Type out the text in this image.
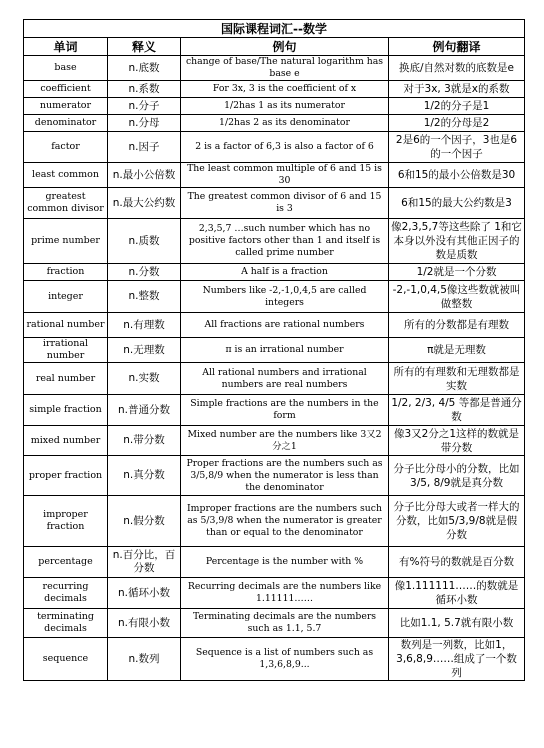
国际课程词汇--数学			
单词	释义	例句	例句翻译
base	n.底数	change of base/The natural logarithm has base e	换底/自然对数的底数是e
coefficient	n.系数	For 3x, 3 is the coefficient of x	对于3x, 3就是x的系数
numerator	n.分子	1/2has 1 as its numerator	1/2的分子是1
denominator	n.分母	1/2has 2 as its denominator	1/2的分母是2
factor	n.因子	2 is a factor of 6,3 is also a factor of 6	2是6的一个因子，3也是6的一个因子
least common	n.最小公倍数	The least common multiple of 6 and 15 is 30	6和15的最小公倍数是30
greatest common divisor	n.最大公约数	The greatest common divisor of 6 and 15 is 3	6和15的最大公约数是3
prime number	n.质数	2,3,5,7 …such number which has no positive factors other than 1 and itself is called prime number	像2,3,5,7等这些除了 1和它本身以外没有其他正因子的数是质数
fraction	n.分数	A half is a fraction	1/2就是一个分数
integer	n.整数	Numbers like -2,-1,0,4,5 are called integers	-2,-1,0,4,5像这些数就被叫做整数
rational number	n.有理数	All fractions are rational numbers	所有的分数都是有理数
irrational number	n.无理数	π is an irrational number	π就是无理数
real number	n.实数	All rational numbers and irrational numbers are real numbers	所有的有理数和无理数都是实数
simple fraction	n.普通分数	Simple fractions are the numbers in the form	1/2, 2/3, 4/5 等都是普通分数
mixed number	n.带分数	Mixed number are the numbers like 3又2分之1	像3又2分之1这样的数就是带分数
proper fraction	n.真分数	Proper fractions are the numbers such as 3/5,8/9 when the numerator is less than the denominator	分子比分母小的分数，比如3/5, 8/9就是真分数
improper fraction	n.假分数	Improper fractions are the numbers such as 5/3,9/8 when the numerator is greater than or equal to the denominator	分子比分母大或者一样大的分数，比如5/3,9/8就是假分数
percentage	n.百分比，百分数	Percentage is the number with %	有%符号的数就是百分数
recurring decimals	n.循环小数	Recurring decimals are the numbers like 1.11111……	像1.111111……的数就是循环小数
terminating decimals	n.有限小数	Terminating decimals are the numbers such as 1.1, 5.7	比如1.1, 5.7就有限小数
sequence	n.数列	Sequence is a list of numbers such as 1,3,6,8,9...	数列是一列数，比如1，3,6,8,9……组成了一个数列
